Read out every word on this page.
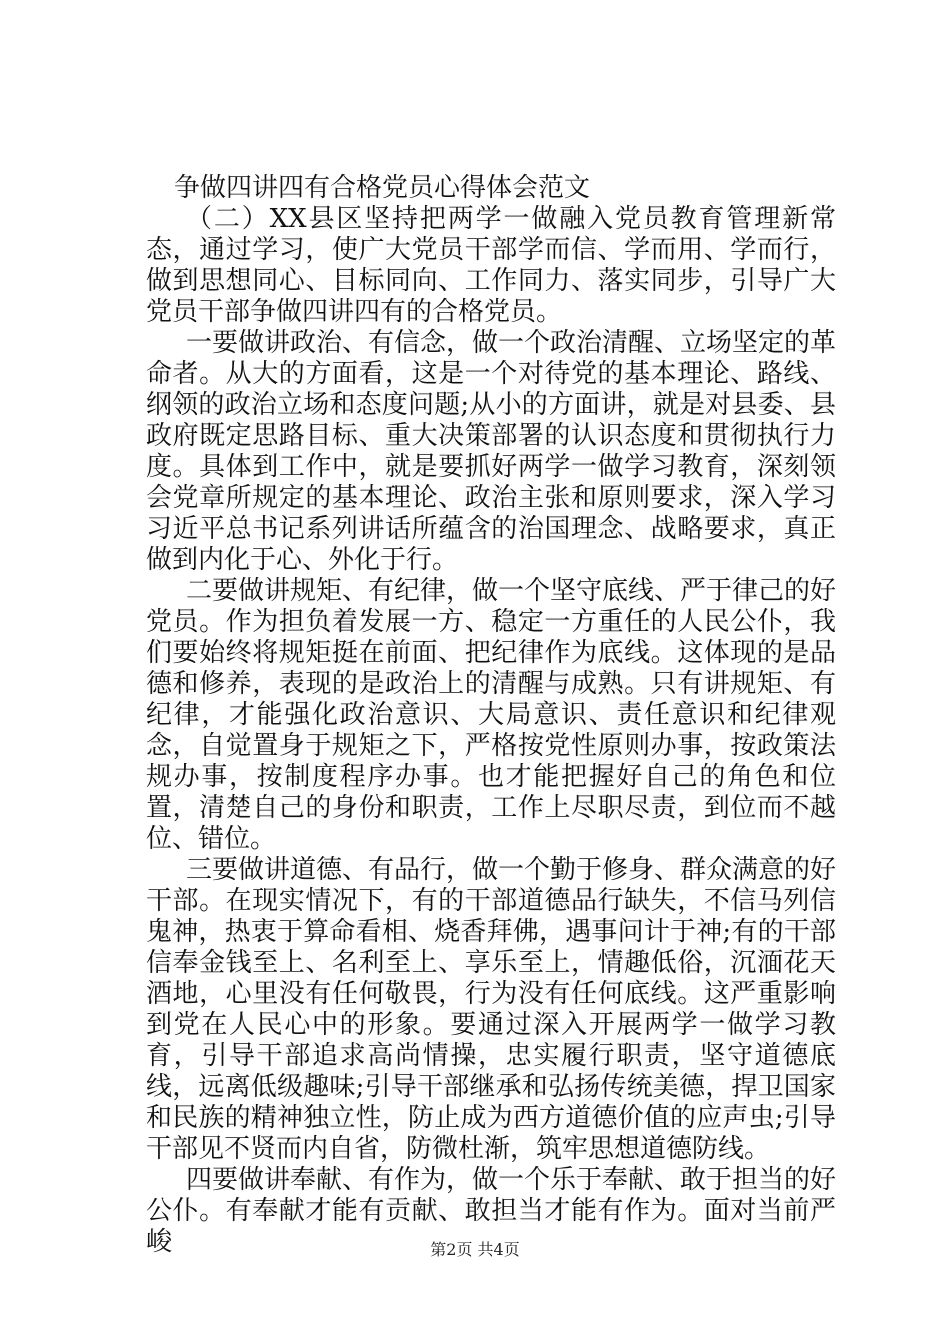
争做四讲四有合格党员心得体会范文

（二）XX县区坚持把两学一做融入党员教育管理新常态，通过学习，使广大党员干部学而信、学而用、学而行，做到思想同心、目标同向、工作同力、落实同步，引导广大党员干部争做四讲四有的合格党员。

一要做讲政治、有信念，做一个政治清醒、立场坚定的革命者。从大的方面看，这是一个对待党的基本理论、路线、纲领的政治立场和态度问题;从小的方面讲，就是对县委、县政府既定思路目标、重大决策部署的认识态度和贯彻执行力度。具体到工作中，就是要抓好两学一做学习教育，深刻领会党章所规定的基本理论、政治主张和原则要求，深入学习习近平总书记系列讲话所蕴含的治国理念、战略要求，真正做到内化于心、外化于行。

二要做讲规矩、有纪律，做一个坚守底线、严于律己的好党员。作为担负着发展一方、稳定一方重任的人民公仆，我们要始终将规矩挺在前面、把纪律作为底线。这体现的是品德和修养，表现的是政治上的清醒与成熟。只有讲规矩、有纪律，才能强化政治意识、大局意识、责任意识和纪律观念，自觉置身于规矩之下，严格按党性原则办事，按政策法规办事，按制度程序办事。也才能把握好自己的角色和位置，清楚自己的身份和职责，工作上尽职尽责，到位而不越位、错位。

三要做讲道德、有品行，做一个勤于修身、群众满意的好干部。在现实情况下，有的干部道德品行缺失，不信马列信鬼神，热衷于算命看相、烧香拜佛，遇事问计于神;有的干部信奉金钱至上、名利至上、享乐至上，情趣低俗，沉湎花天酒地，心里没有任何敬畏，行为没有任何底线。这严重影响到党在人民心中的形象。要通过深入开展两学一做学习教育，引导干部追求高尚情操，忠实履行职责，坚守道德底线，远离低级趣味;引导干部继承和弘扬传统美德，捍卫国家和民族的精神独立性，防止成为西方道德价值的应声虫;引导干部见不贤而内自省，防微杜渐，筑牢思想道德防线。

四要做讲奉献、有作为，做一个乐于奉献、敢于担当的好公仆。有奉献才能有贡献、敢担当才能有作为。面对当前严峻	第2页 共4页
